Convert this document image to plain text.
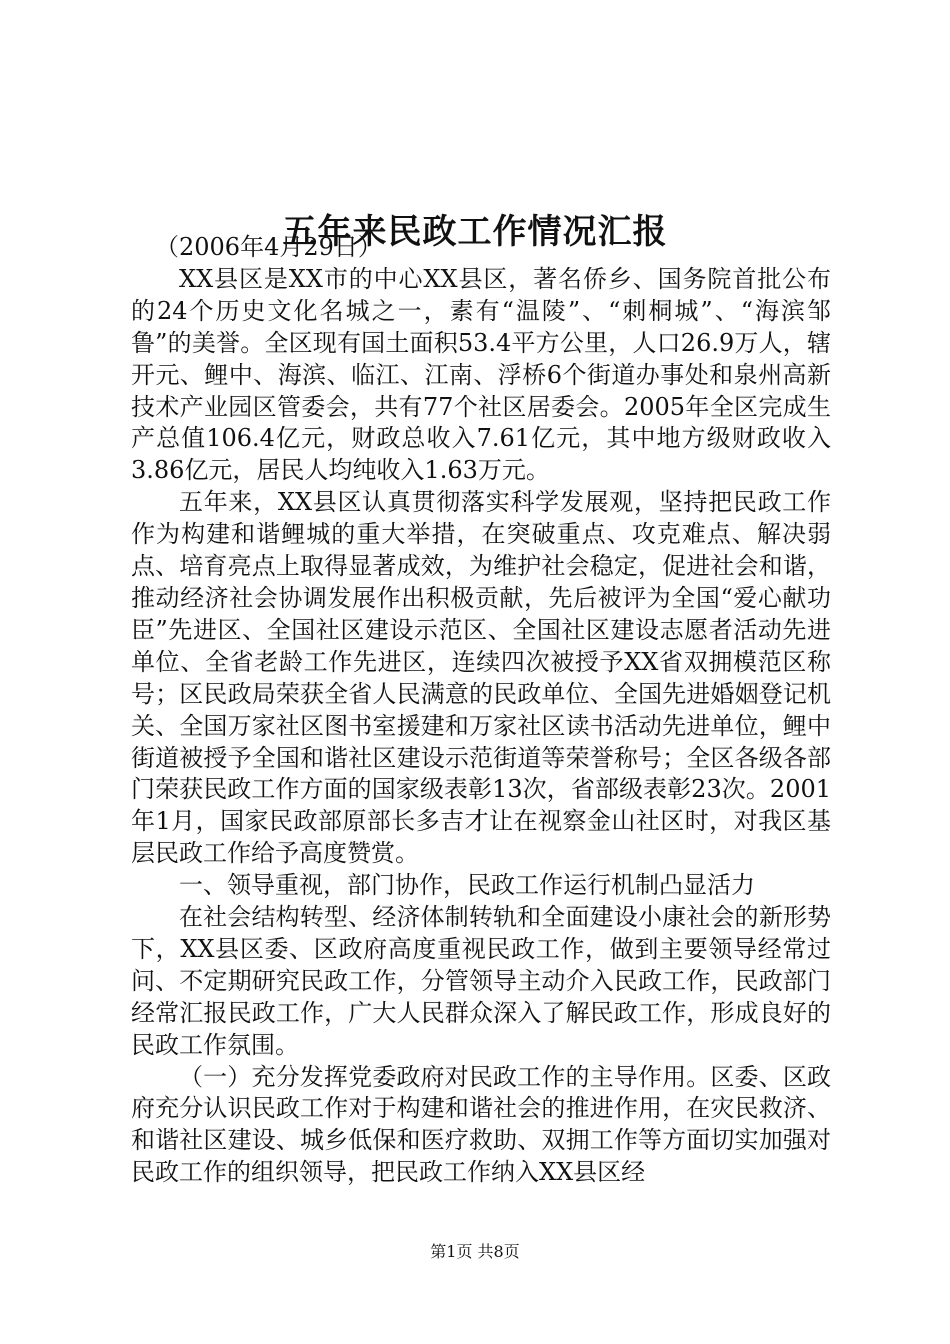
五年来民政工作情况汇报

（2006年4月29日）

XX县区是XX市的中心XX县区，著名侨乡、国务院首批公布的24个历史文化名城之一，素有“温陵”、“刺桐城”、“海滨邹鲁”的美誉。全区现有国土面积53.4平方公里，人口26.9万人，辖开元、鲤中、海滨、临江、江南、浮桥6个街道办事处和泉州高新技术产业园区管委会，共有77个社区居委会。2005年全区完成生产总值106.4亿元，财政总收入7.61亿元，其中地方级财政收入3.86亿元，居民人均纯收入1.63万元。

五年来，XX县区认真贯彻落实科学发展观，坚持把民政工作作为构建和谐鲤城的重大举措，在突破重点、攻克难点、解决弱点、培育亮点上取得显著成效，为维护社会稳定，促进社会和谐，推动经济社会协调发展作出积极贡献，先后被评为全国“爱心献功臣”先进区、全国社区建设示范区、全国社区建设志愿者活动先进单位、全省老龄工作先进区，连续四次被授予XX省双拥模范区称号；区民政局荣获全省人民满意的民政单位、全国先进婚姻登记机关、全国万家社区图书室援建和万家社区读书活动先进单位，鲤中街道被授予全国和谐社区建设示范街道等荣誉称号；全区各级各部门荣获民政工作方面的国家级表彰13次，省部级表彰23次。2001年1月，国家民政部原部长多吉才让在视察金山社区时，对我区基层民政工作给予高度赞赏。

一、领导重视，部门协作，民政工作运行机制凸显活力

在社会结构转型、经济体制转轨和全面建设小康社会的新形势下，XX县区委、区政府高度重视民政工作，做到主要领导经常过问、不定期研究民政工作，分管领导主动介入民政工作，民政部门经常汇报民政工作，广大人民群众深入了解民政工作，形成良好的民政工作氛围。

（一）充分发挥党委政府对民政工作的主导作用。区委、区政府充分认识民政工作对于构建和谐社会的推进作用，在灾民救济、和谐社区建设、城乡低保和医疗救助、双拥工作等方面切实加强对民政工作的组织领导，把民政工作纳入XX县区经

第1页 共8页
